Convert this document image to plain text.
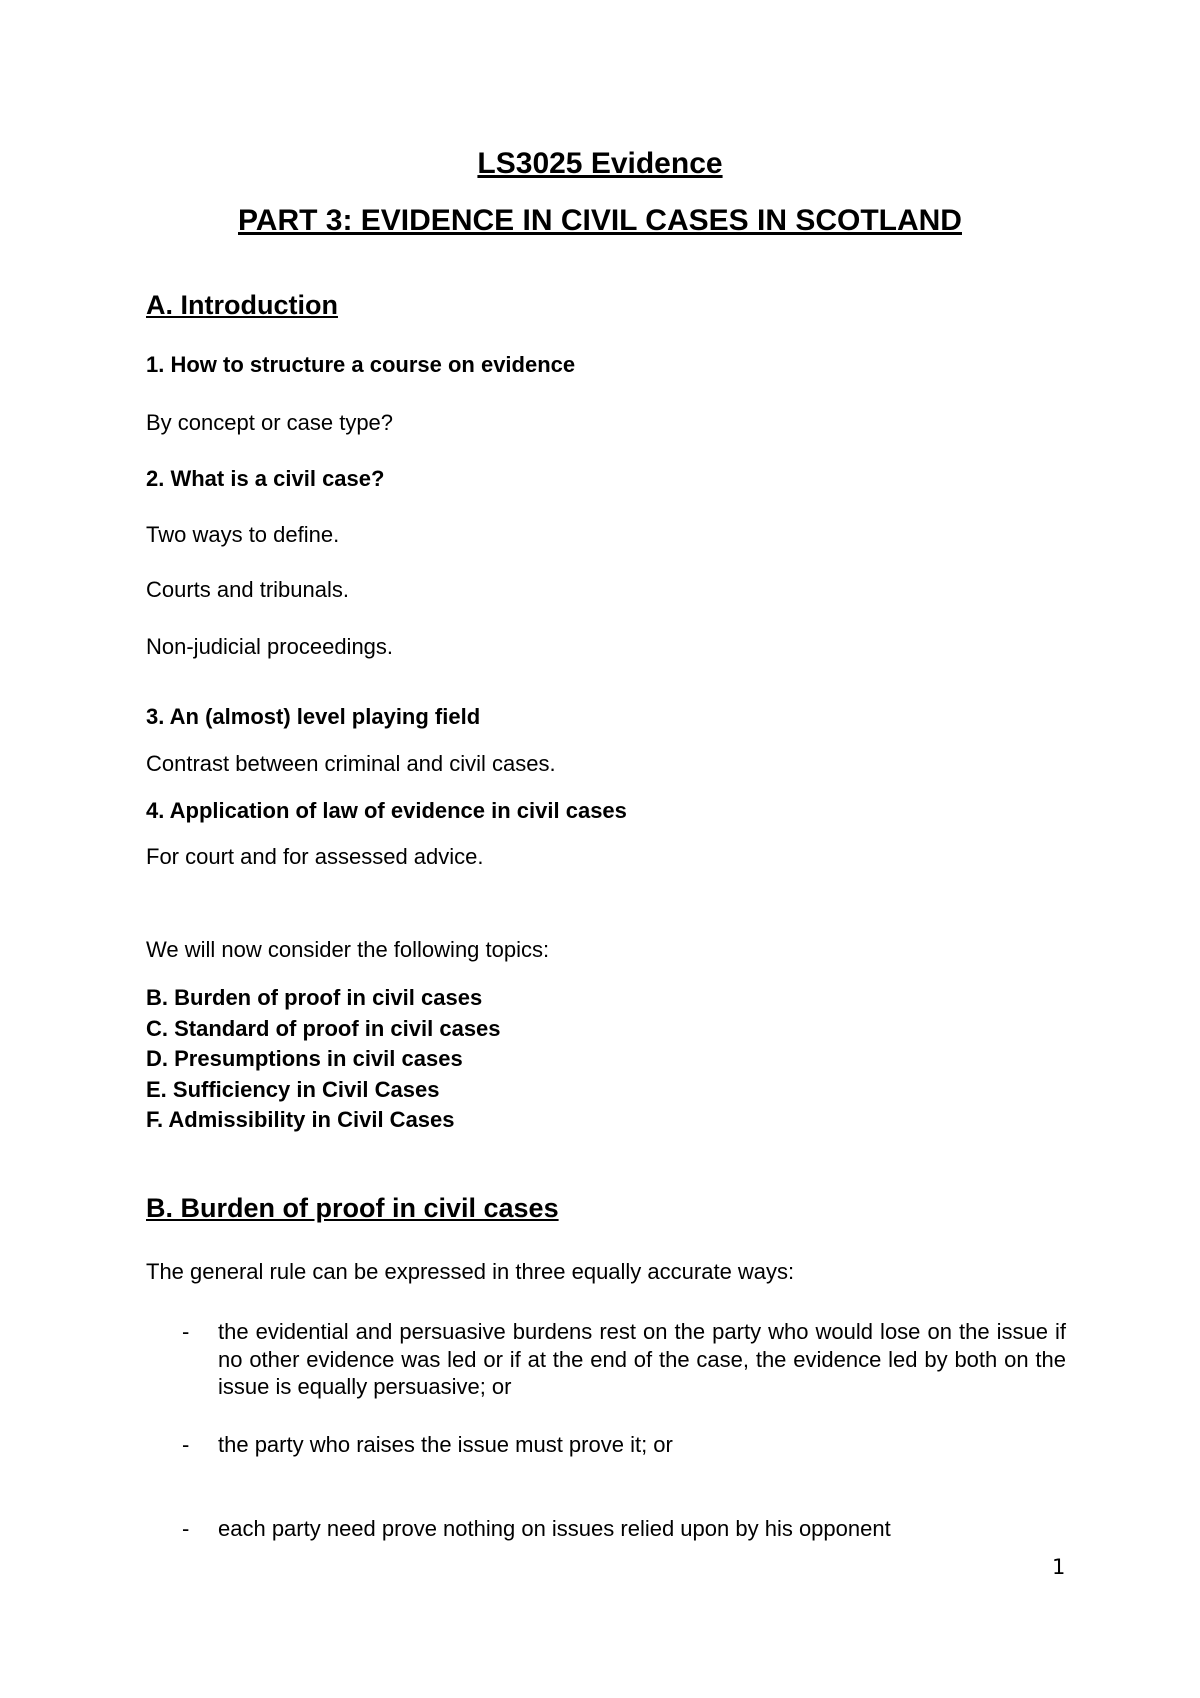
LS3025 Evidence
PART 3: EVIDENCE IN CIVIL CASES IN SCOTLAND
A. Introduction
1. How to structure a course on evidence
By concept or case type?
2. What is a civil case?
Two ways to define.
Courts and tribunals.
Non-judicial proceedings.
3. An (almost) level playing field
Contrast between criminal and civil cases.
4. Application of law of evidence in civil cases
For court and for assessed advice.
We will now consider the following topics:
B. Burden of proof in civil cases
C. Standard of proof in civil cases
D. Presumptions in civil cases
E. Sufficiency in Civil Cases
F. Admissibility in Civil Cases
B. Burden of proof in civil cases
The general rule can be expressed in three equally accurate ways:
- the evidential and persuasive burdens rest on the party who would lose on the issue if no other evidence was led or if at the end of the case, the evidence led by both on the issue is equally persuasive; or
- the party who raises the issue must prove it; or
- each party need prove nothing on issues relied upon by his opponent
1
